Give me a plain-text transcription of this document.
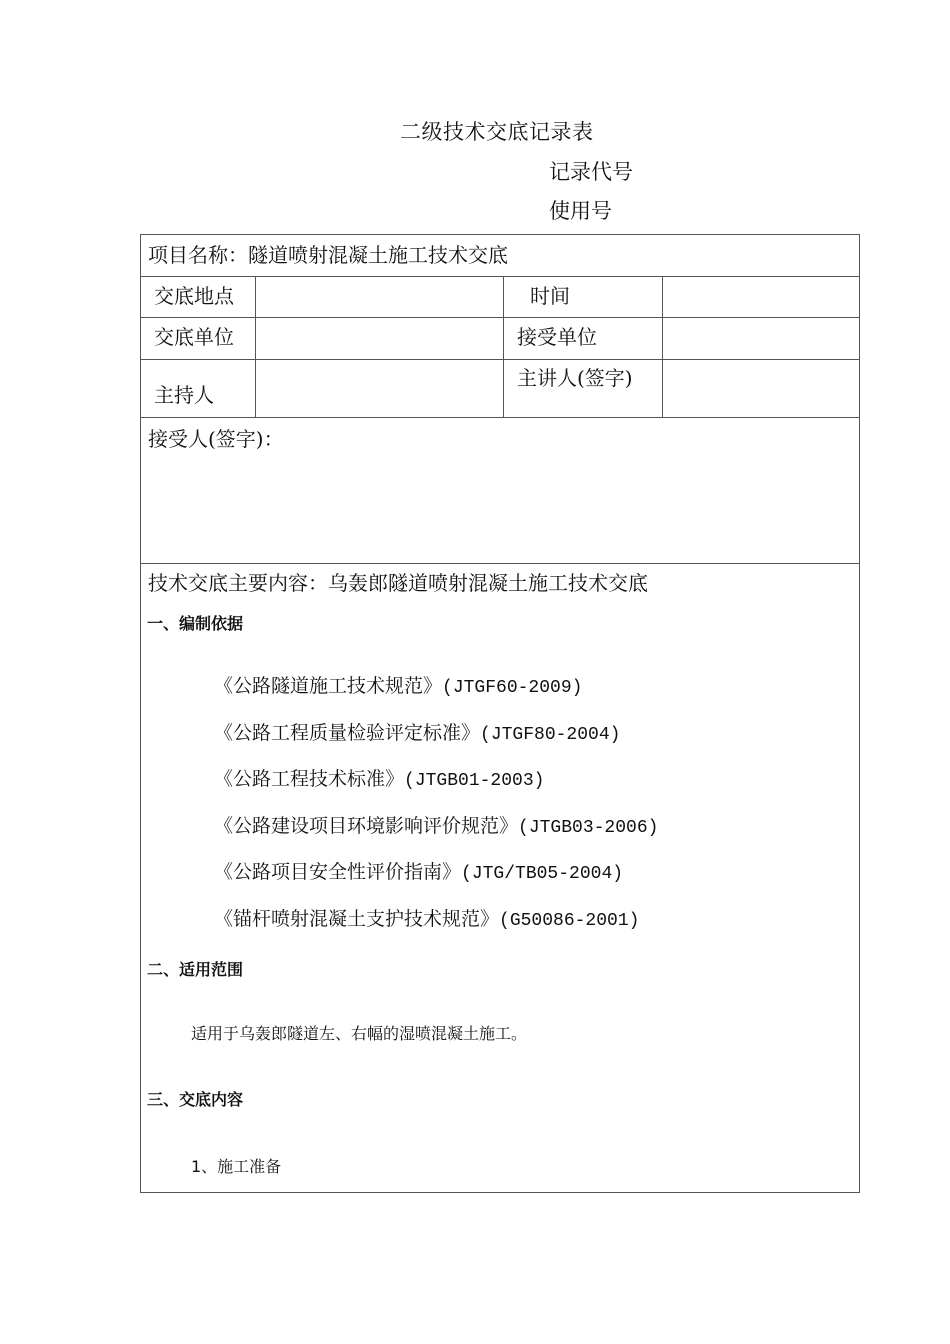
二级技术交底记录表
记录代号
使用号
项目名称：隧道喷射混凝土施工技术交底
交底地点	时间
交底单位	接受单位
主持人
主讲人(签字)
接受人(签字)：
技术交底主要内容：乌轰郎隧道喷射混凝土施工技术交底
一、编制依据
《公路隧道施工技术规范》(JTGF60-2009)
《公路工程质量检验评定标准》(JTGF80-2004)
《公路工程技术标准》(JTGB01-2003)
《公路建设项目环境影响评价规范》(JTGB03-2006)
《公路项目安全性评价指南》(JTG/TB05-2004)
《锚杆喷射混凝土支护技术规范》(G50086-2001)
二、适用范围
适用于乌轰郎隧道左、右幅的湿喷混凝土施工。
三、交底内容
1、施工准备
